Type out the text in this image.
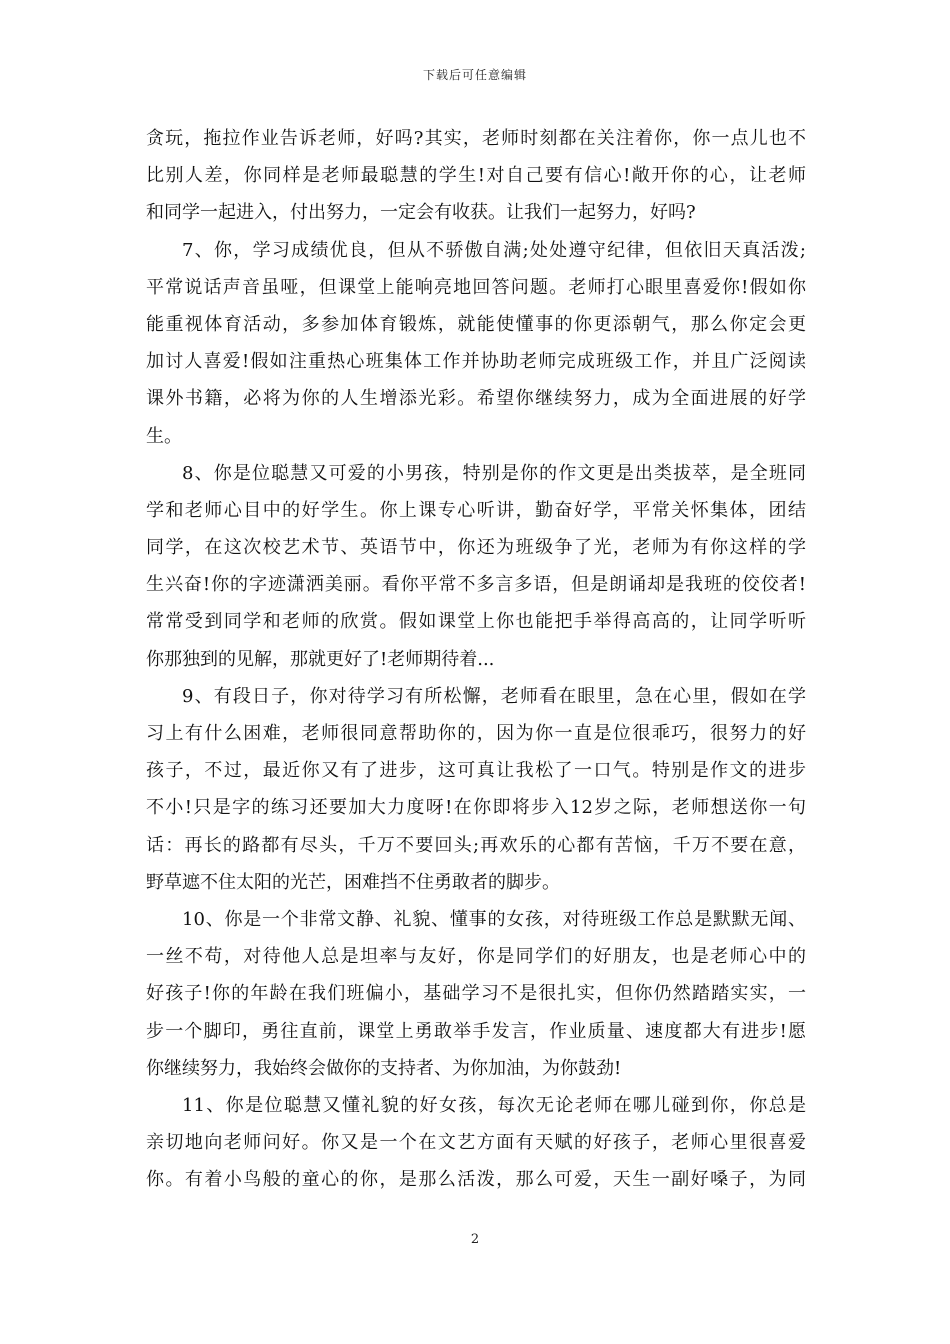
下载后可任意编辑
贪玩，拖拉作业告诉老师，好吗?其实，老师时刻都在关注着你，你一点儿也不
比别人差，你同样是老师最聪慧的学生!对自己要有信心!敞开你的心，让老师
和同学一起进入，付出努力，一定会有收获。让我们一起努力，好吗?
7、你，学习成绩优良，但从不骄傲自满;处处遵守纪律，但依旧天真活泼;
平常说话声音虽哑，但课堂上能响亮地回答问题。老师打心眼里喜爱你!假如你
能重视体育活动，多参加体育锻炼，就能使懂事的你更添朝气，那么你定会更
加讨人喜爱!假如注重热心班集体工作并协助老师完成班级工作，并且广泛阅读
课外书籍，必将为你的人生增添光彩。希望你继续努力，成为全面进展的好学
生。
8、你是位聪慧又可爱的小男孩，特别是你的作文更是出类拔萃，是全班同
学和老师心目中的好学生。你上课专心听讲，勤奋好学，平常关怀集体，团结
同学，在这次校艺术节、英语节中，你还为班级争了光，老师为有你这样的学
生兴奋!你的字迹潇洒美丽。看你平常不多言多语，但是朗诵却是我班的佼佼者!
常常受到同学和老师的欣赏。假如课堂上你也能把手举得高高的，让同学听听
你那独到的见解，那就更好了!老师期待着...
9、有段日子，你对待学习有所松懈，老师看在眼里，急在心里，假如在学
习上有什么困难，老师很同意帮助你的，因为你一直是位很乖巧，很努力的好
孩子，不过，最近你又有了进步，这可真让我松了一口气。特别是作文的进步
不小!只是字的练习还要加大力度呀!在你即将步入12岁之际，老师想送你一句
话：再长的路都有尽头，千万不要回头;再欢乐的心都有苦恼，千万不要在意，
野草遮不住太阳的光芒，困难挡不住勇敢者的脚步。
10、你是一个非常文静、礼貌、懂事的女孩，对待班级工作总是默默无闻、
一丝不苟，对待他人总是坦率与友好，你是同学们的好朋友，也是老师心中的
好孩子!你的年龄在我们班偏小，基础学习不是很扎实，但你仍然踏踏实实，一
步一个脚印，勇往直前，课堂上勇敢举手发言，作业质量、速度都大有进步!愿
你继续努力，我始终会做你的支持者、为你加油，为你鼓劲!
11、你是位聪慧又懂礼貌的好女孩，每次无论老师在哪儿碰到你，你总是
亲切地向老师问好。你又是一个在文艺方面有天赋的好孩子，老师心里很喜爱
你。有着小鸟般的童心的你，是那么活泼，那么可爱，天生一副好嗓子，为同
2
